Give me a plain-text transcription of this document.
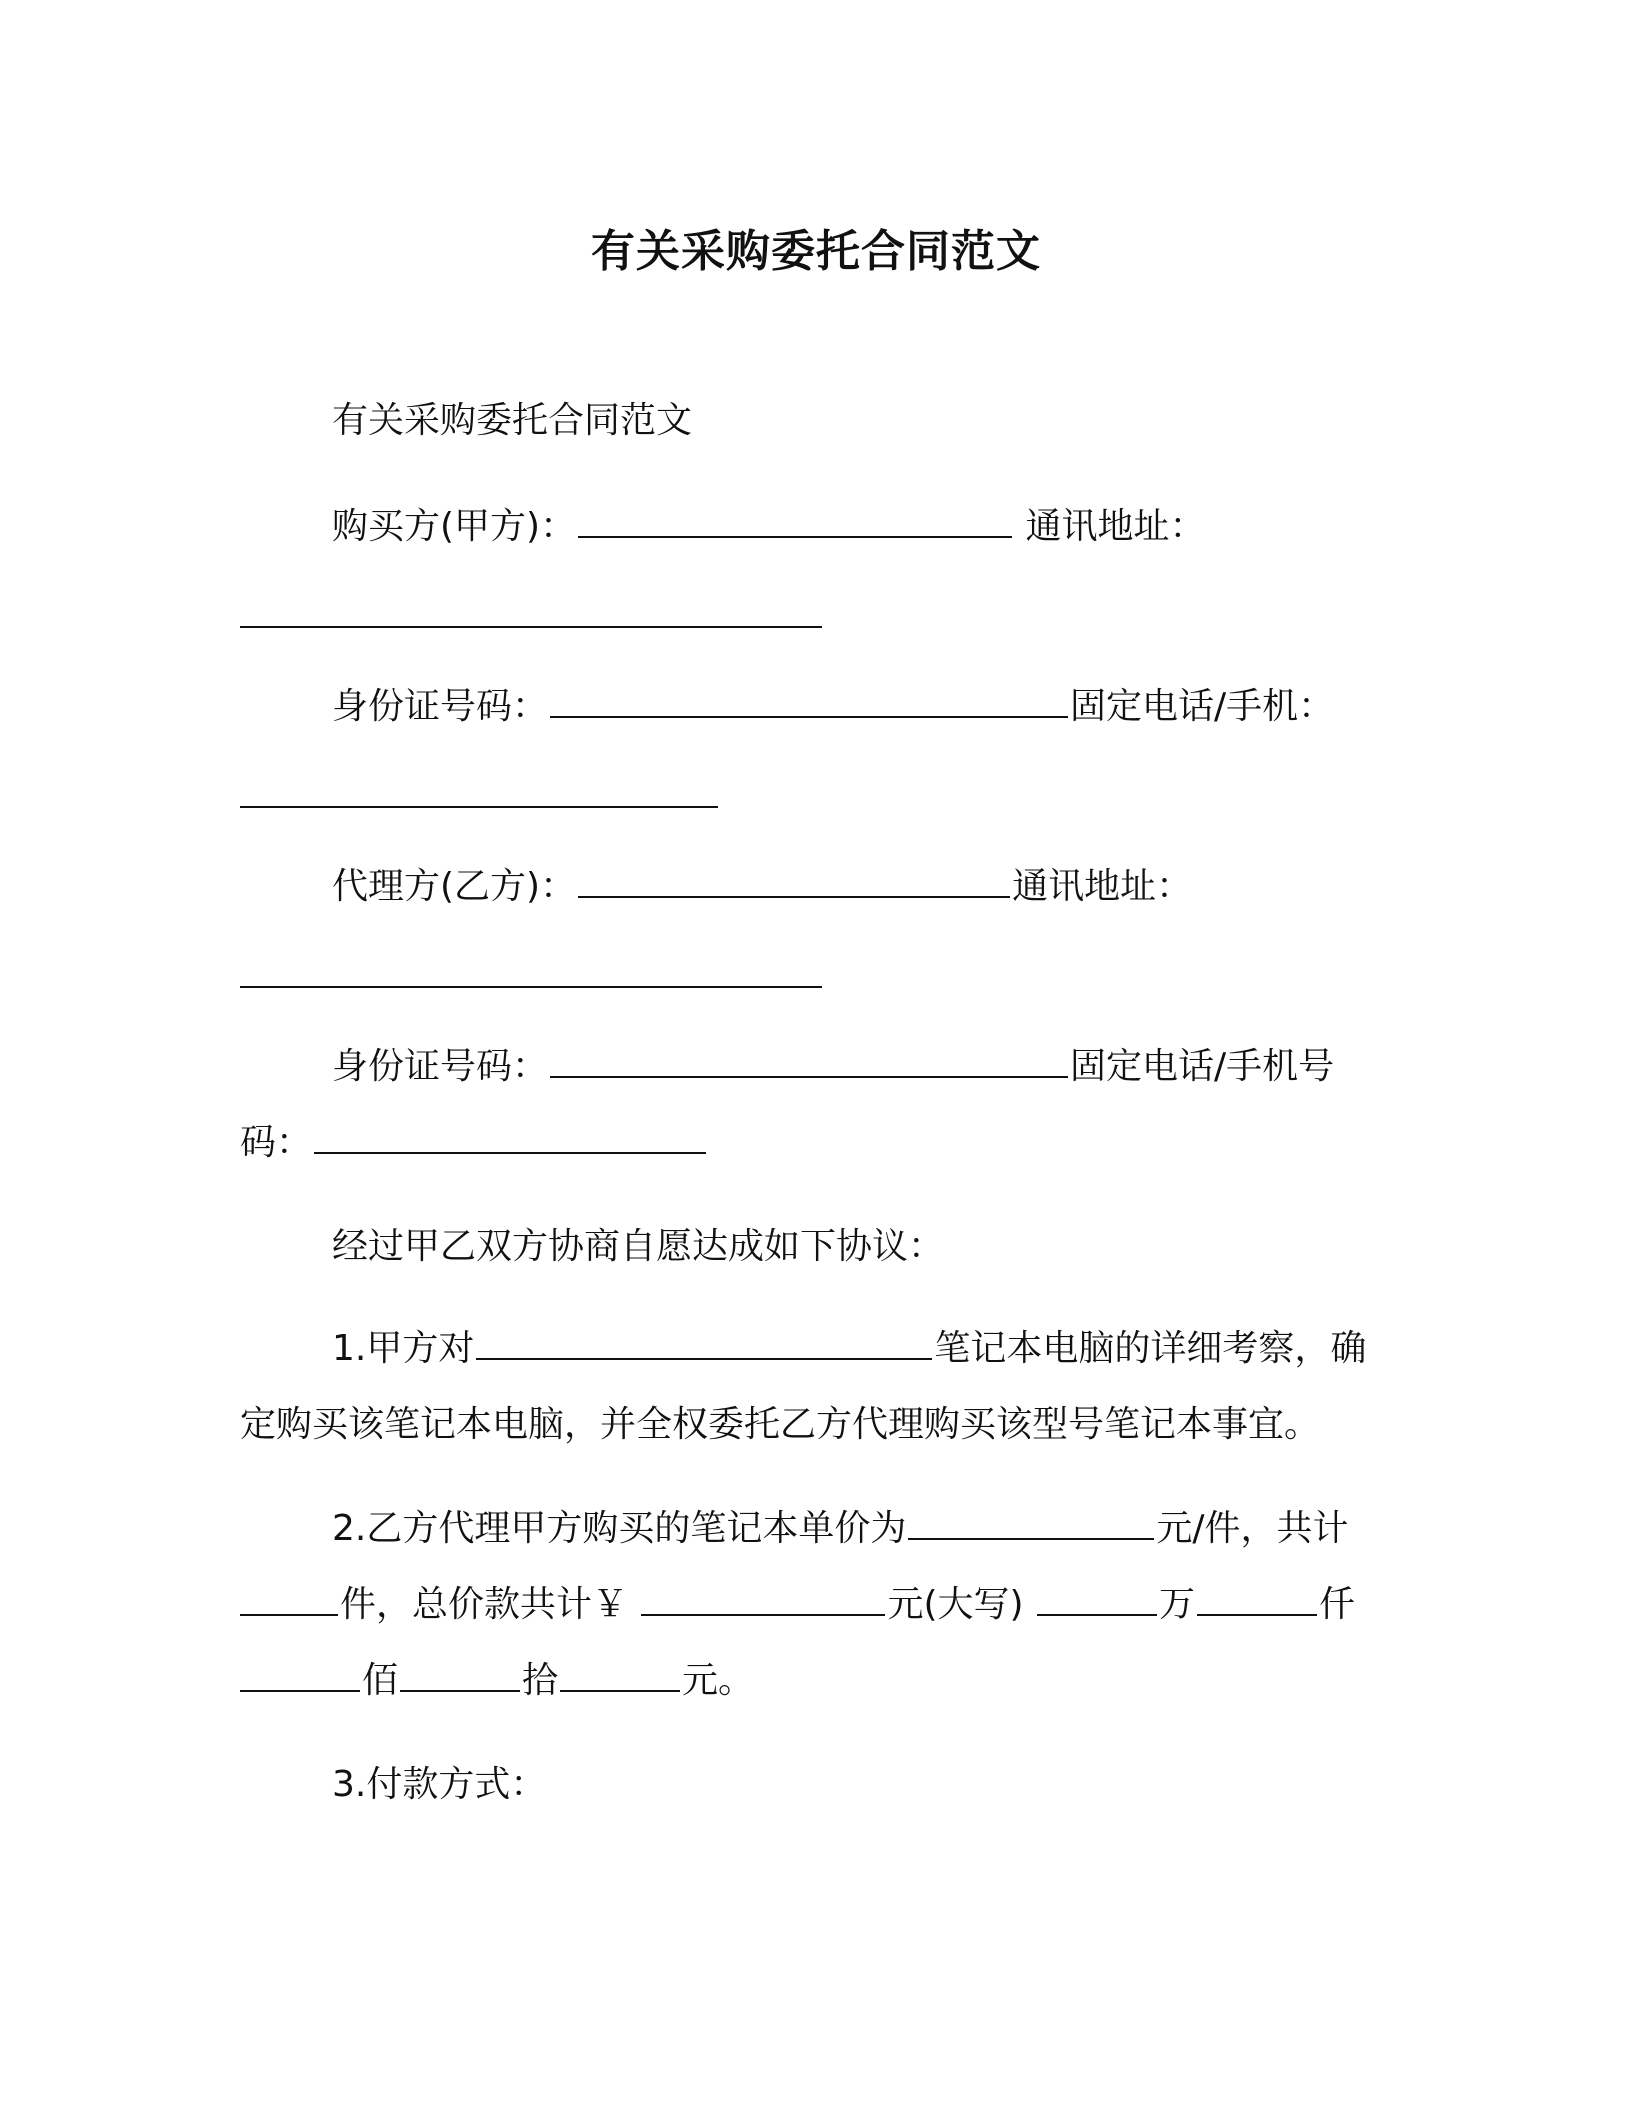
有关采购委托合同范文
有关采购委托合同范文
购买方(甲方)：	通讯地址：
身份证号码：	固定电话/手机：
代理方(乙方)：	通讯地址：
身份证号码：	固定电话/手机号
码：
经过甲乙双方协商自愿达成如下协议：
1.甲方对	笔记本电脑的详细考察，确
定购买该笔记本电脑，并全权委托乙方代理购买该型号笔记本事宜。
2.乙方代理甲方购买的笔记本单价为	元/件，共计
件，总价款共计￥	元(大写)	万	仟
佰	拾	元。
3.付款方式：
